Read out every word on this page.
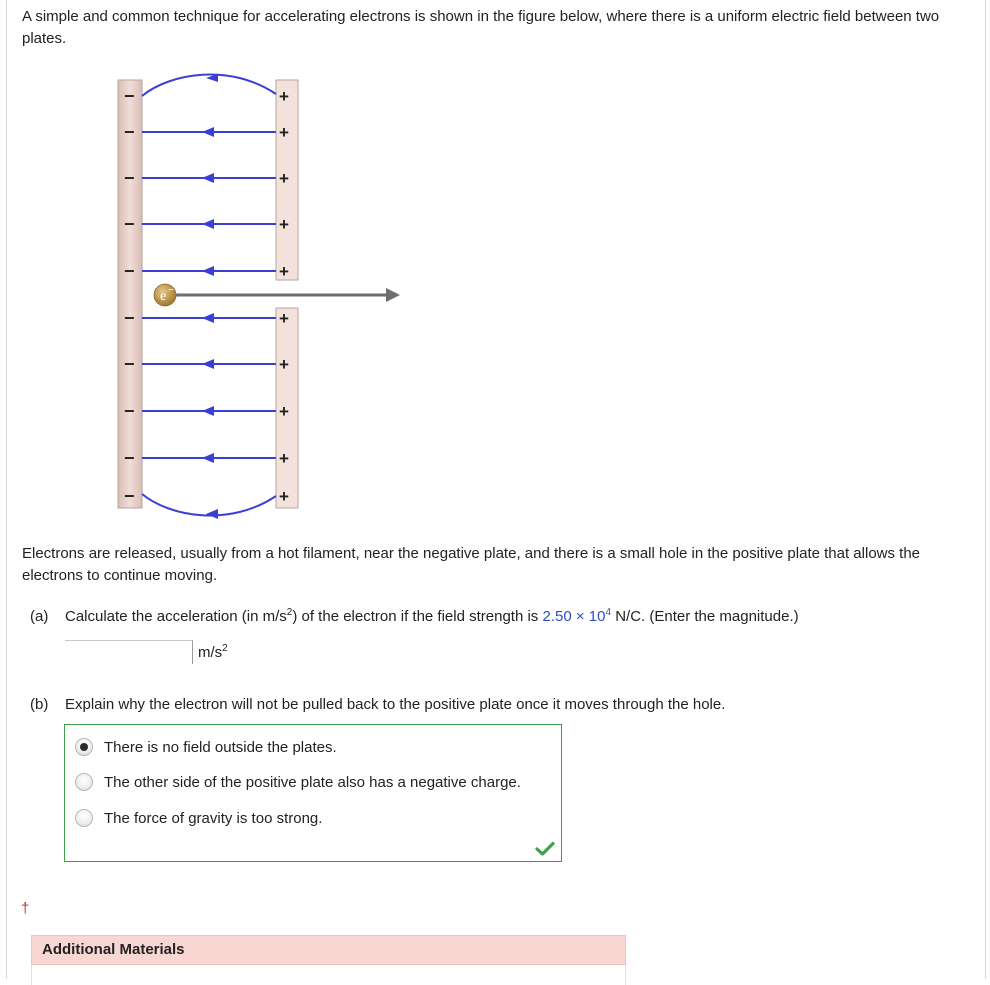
A simple and common technique for accelerating electrons is shown in the figure below, where there is a uniform electric field between two plates.
−
−
−
−
−
−
−
−
−
−
+
+
+
+
+
+
+
+
+
+
e −
Electrons are released, usually from a hot filament, near the negative plate, and there is a small hole in the positive plate that allows the electrons to continue moving.
(a) Calculate the acceleration (in $m/s^2$) of the electron if the field strength is $2.50 \times 10^4$ N/C. (Enter the magnitude.)
$m/s^2$
(b) Explain why the electron will not be pulled back to the positive plate once it moves through the hole.
There is no field outside the plates.
The other side of the positive plate also has a negative charge.
The force of gravity is too strong.
†
Additional Materials
